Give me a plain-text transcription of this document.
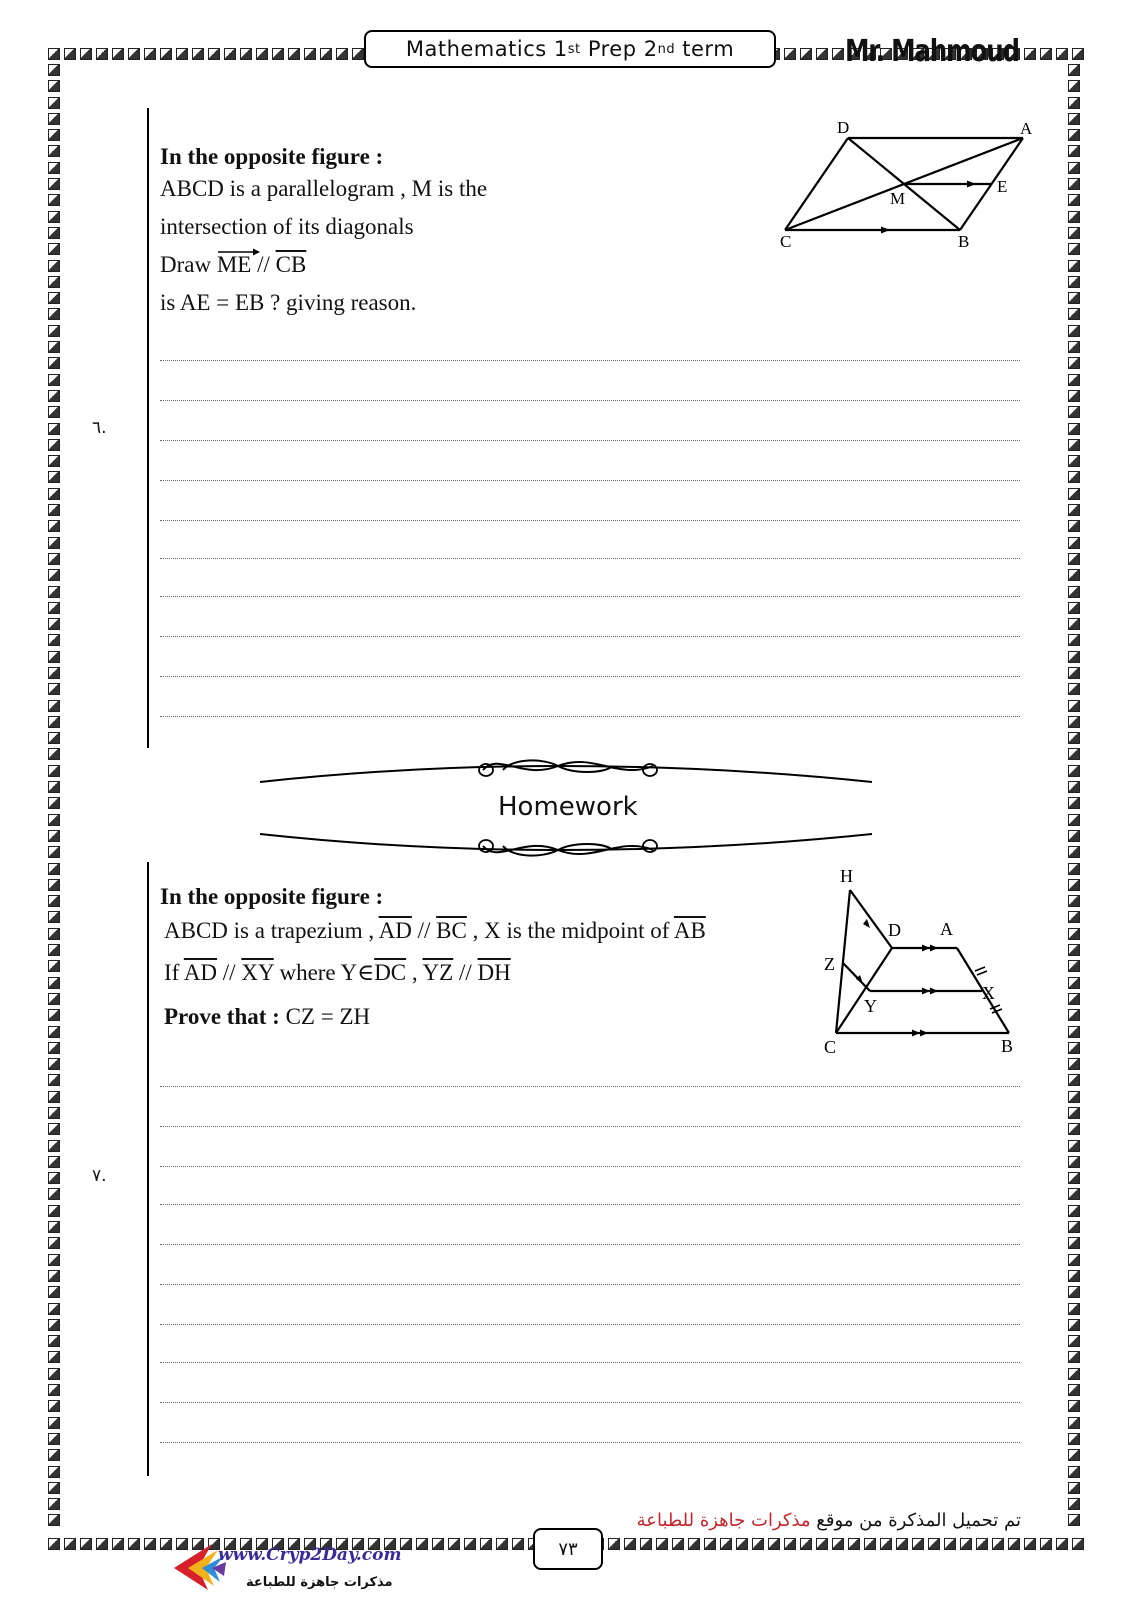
Mathematics
1 st
Prep
2 nd
term	Mr. Mahmoud
٦.
In the opposite figure :
ABCD is a parallelogram , M is the
intersection of its diagonals
Draw ME // $\overline{CB}$
is AE = EB ? giving reason.
D	A
E
M
C	B
Homework
٧.
In the opposite figure :
ABCD is a trapezium , $\overline{AD} // \overline{BC}$ , X is the midpoint of $\overline{AB}$
If $\overline{AD} // \overline{XY}$ where $Y\in\overline{DC}$ , $\overline{YZ} // \overline{DH}$
Prove that : CZ = ZH
H
D A
Z
X
Y
C	B
تم تحميل المذكرة من موقع مذكرات جاهزة للطباعة
٧٣
www.Cryp2Day.com
مذكرات جاهزة للطباعة
